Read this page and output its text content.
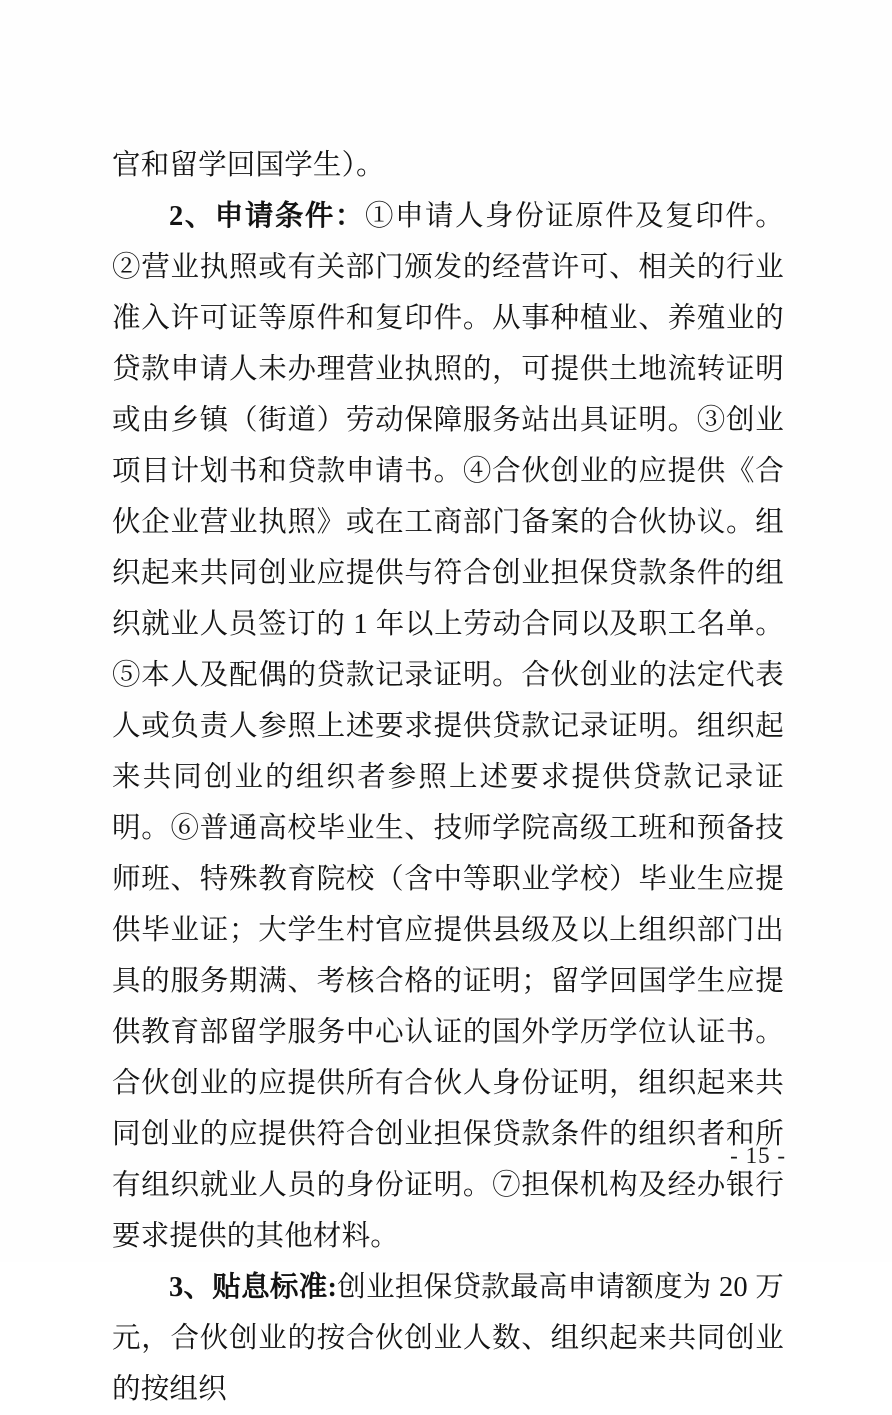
官和留学回国学生）。

2、申请条件：①申请人身份证原件及复印件。②营业执照或有关部门颁发的经营许可、相关的行业准入许可证等原件和复印件。从事种植业、养殖业的贷款申请人未办理营业执照的，可提供土地流转证明或由乡镇（街道）劳动保障服务站出具证明。③创业项目计划书和贷款申请书。④合伙创业的应提供《合伙企业营业执照》或在工商部门备案的合伙协议。组织起来共同创业应提供与符合创业担保贷款条件的组织就业人员签订的 1 年以上劳动合同以及职工名单。⑤本人及配偶的贷款记录证明。合伙创业的法定代表人或负责人参照上述要求提供贷款记录证明。组织起来共同创业的组织者参照上述要求提供贷款记录证明。⑥普通高校毕业生、技师学院高级工班和预备技师班、特殊教育院校（含中等职业学校）毕业生应提供毕业证；大学生村官应提供县级及以上组织部门出具的服务期满、考核合格的证明；留学回国学生应提供教育部留学服务中心认证的国外学历学位认证书。合伙创业的应提供所有合伙人身份证明，组织起来共同创业的应提供符合创业担保贷款条件的组织者和所有组织就业人员的身份证明。⑦担保机构及经办银行要求提供的其他材料。

3、贴息标准:创业担保贷款最高申请额度为 20 万元，合伙创业的按合伙创业人数、组织起来共同创业的按组织

- 15 -
